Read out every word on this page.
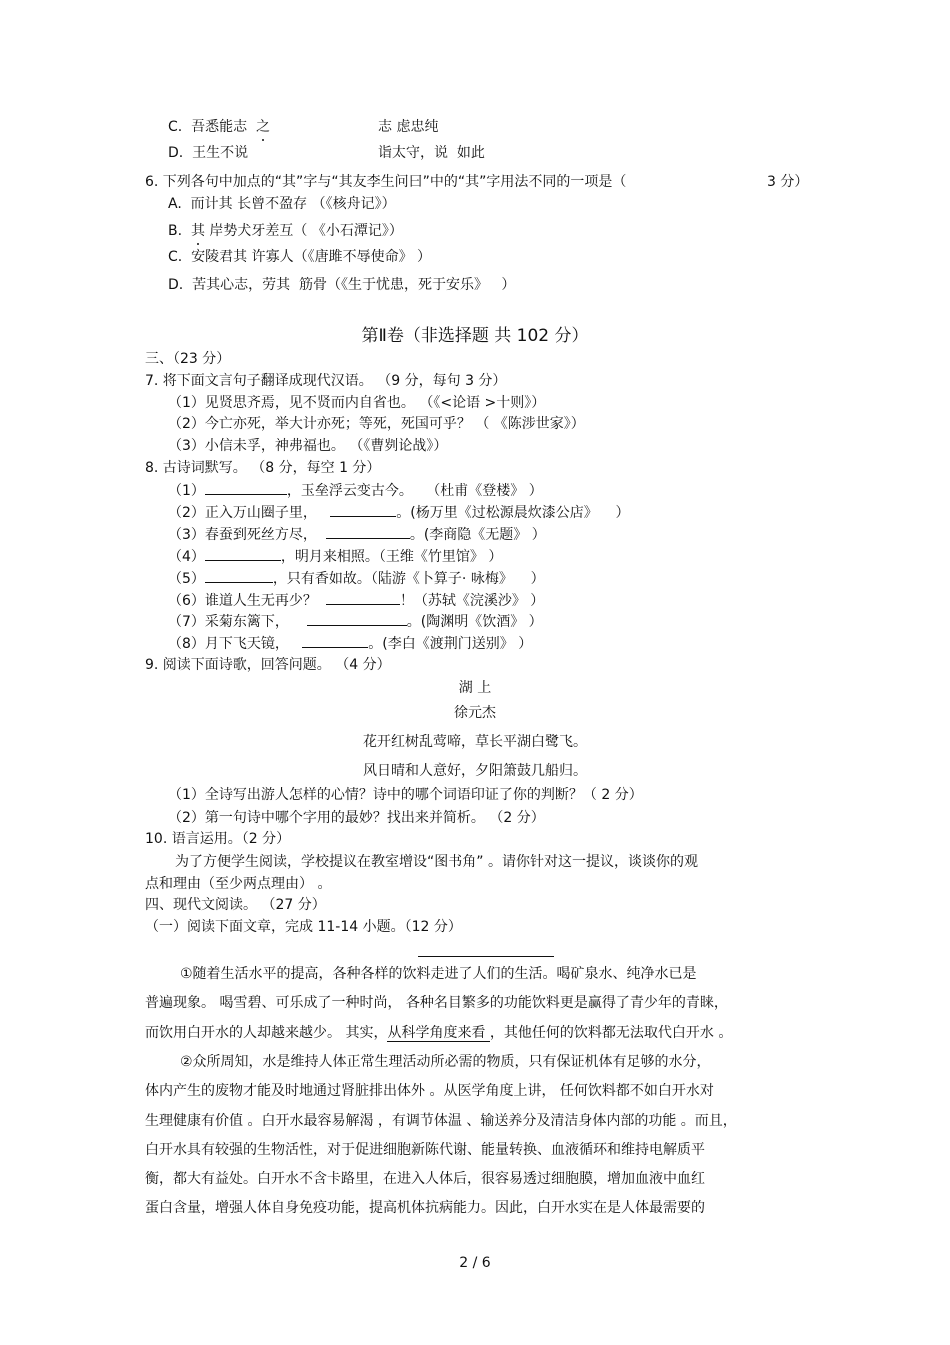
C.  吾悉能志 之	志 虑忠纯
D.  王生不说	诣太守，说 如此
6. 下列各句中加点的“其”字与“其友李生问曰”中的“其”字用法不同的一项是（	3 分）
A.  而计其 长曾不盈存 （《核舟记》）
B.  其 岸势犬牙差互（ 《小石潭记》）
C.  安陵君其 许寡人（《唐雎不辱使命》 ）
D.  苦其心志，劳其 筋骨（《生于忧患，死于安乐》   ）
第Ⅱ卷（非选择题 共 102 分）
三、（23 分）
7. 将下面文言句子翻译成现代汉语。 （9 分，每句 3 分）
（1）见贤思齐焉，见不贤而内自省也。 （《<论语 >十则》）
（2）今亡亦死，举大计亦死；等死，死国可乎？ （ 《陈涉世家》）
（3）小信未孚，神弗福也。 （《曹刿论战》）
8. 古诗词默写。 （8 分，每空 1 分）
（1）	，玉垒浮云变古今。   （杜甫《登楼》 ）
（2）正入万山圈子里，	。(杨万里《过松源晨炊漆公店》    ）
（3）春蚕到死丝方尽，	。(李商隐《无题》 ）
（4）	，明月来相照。（王维《竹里馆》 ）
（5）	，只有香如故。（陆游《卜算子· 咏梅》    ）
（6）谁道人生无再少？	！（苏轼《浣溪沙》 ）
（7）采菊东篱下，	。(陶渊明《饮酒》 ）
（8）月下飞天镜，	。(李白《渡荆门送别》 ）
9. 阅读下面诗歌，回答问题。 （4 分）
湖 上
徐元杰
花开红树乱莺啼，草长平湖白鹭飞。
风日晴和人意好，夕阳箫鼓几船归。
（1）全诗写出游人怎样的心情？诗中的哪个词语印证了你的判断？（ 2 分）
（2）第一句诗中哪个字用的最妙？找出来并简析。 （2 分）
10. 语言运用。（2 分）
为了方便学生阅读，学校提议在教室增设“图书角” 。请你针对这一提议，谈谈你的观
点和理由（至少两点理由） 。
四、现代文阅读。 （27 分）
（一）阅读下面文章，完成 11-14 小题。（12 分）
①随着生活水平的提高，各种各样的饮料走进了人们的生活。喝矿泉水、纯净水已是
普遍现象。 喝雪碧、可乐成了一种时尚， 各种名目繁多的功能饮料更是赢得了青少年的青睐，
而饮用白开水的人却越来越少。 其实，从科学角度来看 ，其他任何的饮料都无法取代白开水 。
②众所周知，水是维持人体正常生理活动所必需的物质，只有保证机体有足够的水分，
体内产生的废物才能及时地通过肾脏排出体外 。从医学角度上讲， 任何饮料都不如白开水对
生理健康有价值 。白开水最容易解渴 ，有调节体温 、输送养分及清洁身体内部的功能 。而且，
白开水具有较强的生物活性，对于促进细胞新陈代谢、能量转换、血液循环和维持电解质平
衡，都大有益处。白开水不含卡路里，在进入人体后，很容易透过细胞膜，增加血液中血红
蛋白含量，增强人体自身免疫功能，提高机体抗病能力。因此，白开水实在是人体最需要的
2 / 6
